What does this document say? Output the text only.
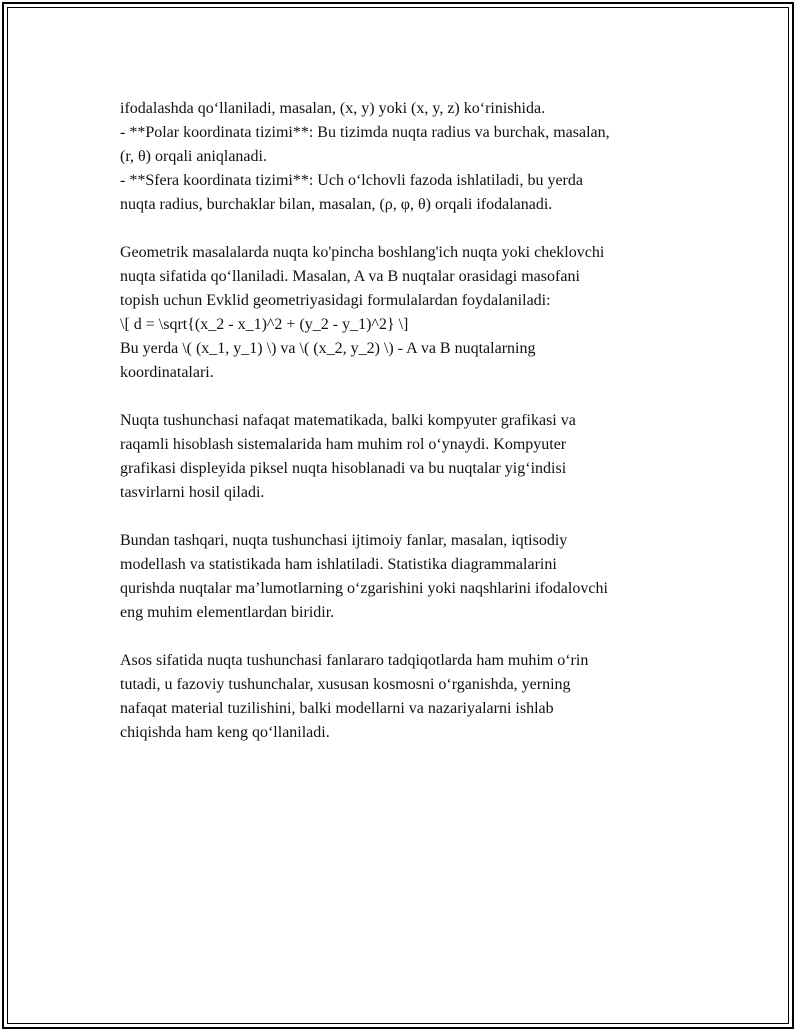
ifodalashda qo‘llaniladi, masalan, (x, y) yoki (x, y, z) ko‘rinishida.
- **Polar koordinata tizimi**: Bu tizimda nuqta radius va burchak, masalan,
(r, θ) orqali aniqlanadi.
- **Sfera koordinata tizimi**: Uch o‘lchovli fazoda ishlatiladi, bu yerda
nuqta radius, burchaklar bilan, masalan, (ρ, φ, θ) orqali ifodalanadi.

Geometrik masalalarda nuqta ko'pincha boshlang'ich nuqta yoki cheklovchi
nuqta sifatida qo‘llaniladi. Masalan, A va B nuqtalar orasidagi masofani
topish uchun Evklid geometriyasidagi formulalardan foydalaniladi:
\[ d = \sqrt{(x_2 - x_1)^2 + (y_2 - y_1)^2} \]
Bu yerda \( (x_1, y_1) \) va \( (x_2, y_2) \) - A va B nuqtalarning
koordinatalari.

Nuqta tushunchasi nafaqat matematikada, balki kompyuter grafikasi va
raqamli hisoblash sistemalarida ham muhim rol o‘ynaydi. Kompyuter
grafikasi displeyida piksel nuqta hisoblanadi va bu nuqtalar yig‘indisi
tasvirlarni hosil qiladi.

Bundan tashqari, nuqta tushunchasi ijtimoiy fanlar, masalan, iqtisodiy
modellash va statistikada ham ishlatiladi. Statistika diagrammalarini
qurishda nuqtalar ma’lumotlarning o‘zgarishini yoki naqshlarini ifodalovchi
eng muhim elementlardan biridir.

Asos sifatida nuqta tushunchasi fanlararo tadqiqotlarda ham muhim o‘rin
tutadi, u fazoviy tushunchalar, xususan kosmosni o‘rganishda, yerning
nafaqat material tuzilishini, balki modellarni va nazariyalarni ishlab
chiqishda ham keng qo‘llaniladi.
